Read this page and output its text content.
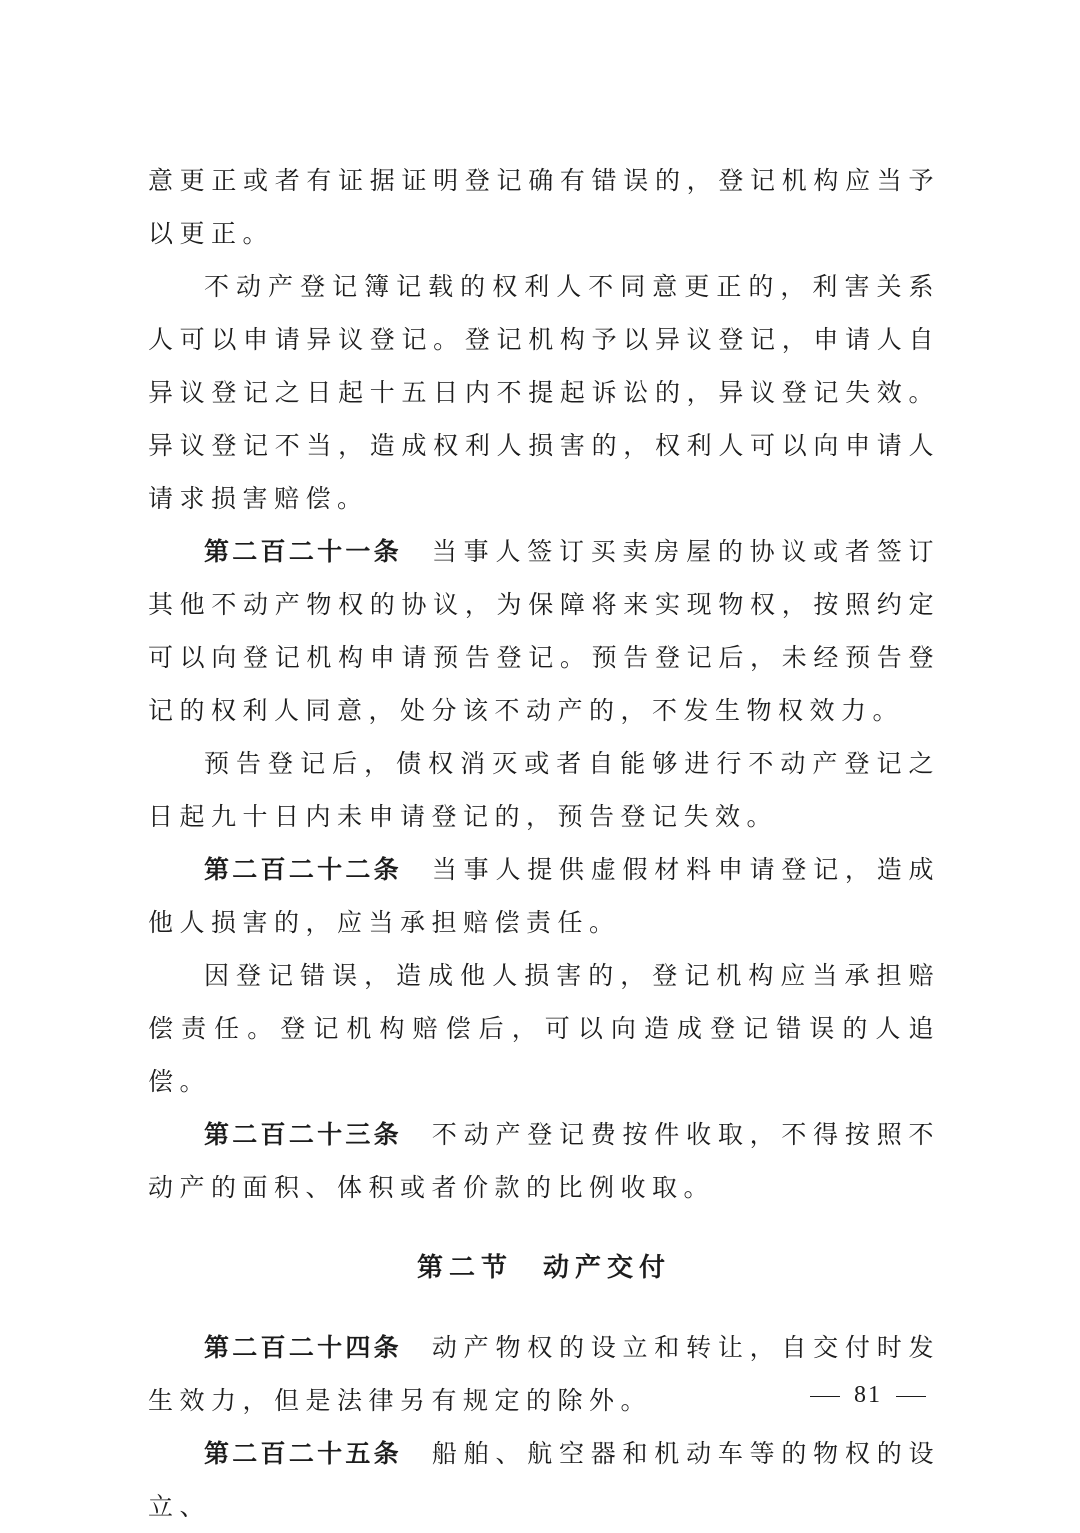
意更正或者有证据证明登记确有错误的，登记机构应当予以更正。

不动产登记簿记载的权利人不同意更正的，利害关系人可以申请异议登记。登记机构予以异议登记，申请人自异议登记之日起十五日内不提起诉讼的，异议登记失效。异议登记不当，造成权利人损害的，权利人可以向申请人请求损害赔偿。

第二百二十一条 当事人签订买卖房屋的协议或者签订其他不动产物权的协议，为保障将来实现物权，按照约定可以向登记机构申请预告登记。预告登记后，未经预告登记的权利人同意，处分该不动产的，不发生物权效力。

预告登记后，债权消灭或者自能够进行不动产登记之日起九十日内未申请登记的，预告登记失效。

第二百二十二条 当事人提供虚假材料申请登记，造成他人损害的，应当承担赔偿责任。

因登记错误，造成他人损害的，登记机构应当承担赔偿责任。登记机构赔偿后，可以向造成登记错误的人追偿。

第二百二十三条 不动产登记费按件收取，不得按照不动产的面积、体积或者价款的比例收取。

第二节 动产交付

第二百二十四条 动产物权的设立和转让，自交付时发生效力，但是法律另有规定的除外。

第二百二十五条 船舶、航空器和机动车等的物权的设立、

81
